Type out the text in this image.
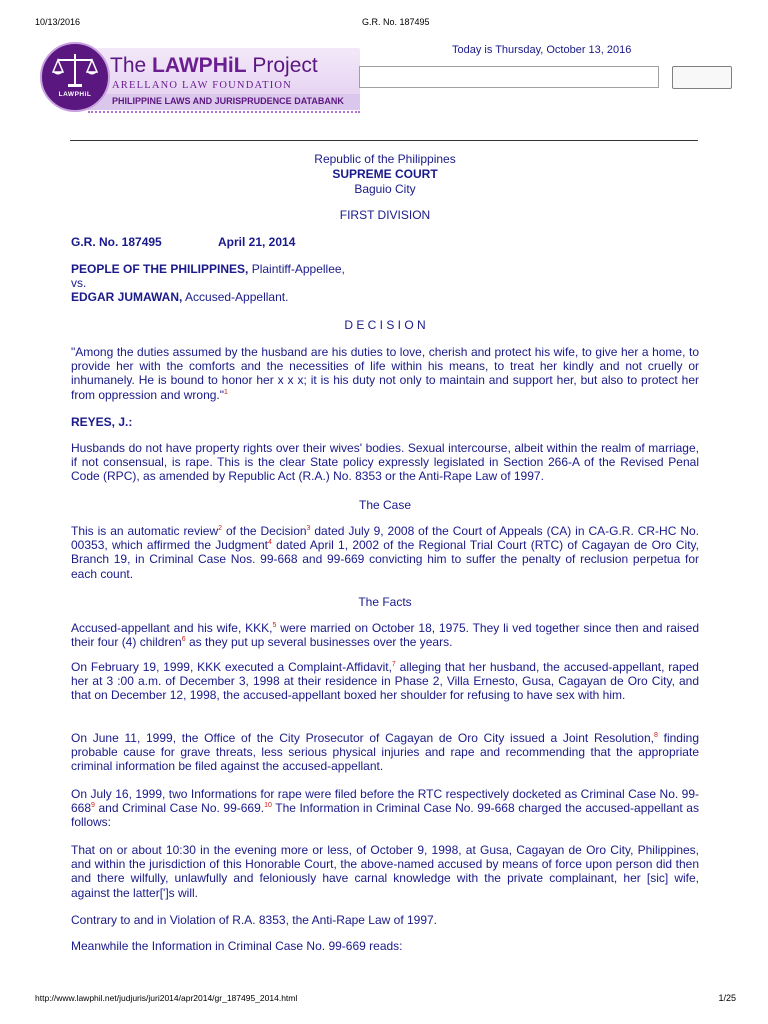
10/13/2016	G.R. No. 187495
PHILIPPINE LAWS AND JURISPRUDENCE DATABANK
LAWPHiL
The LAWPHiL Project
ARELLANO LAW FOUNDATION
Today is Thursday, October 13, 2016
Republic of the Philippines
SUPREME COURT
Baguio City
FIRST DIVISION
G.R. No. 187495	April 21, 2014
PEOPLE OF THE PHILIPPINES, Plaintiff-Appellee,
vs.
EDGAR JUMAWAN, Accused-Appellant.
D E C I S I O N

"Among the duties assumed by the husband are his duties to love, cherish and protect his wife, to give her a home, to provide her with the comforts and the necessities of life within his means, to treat her kindly and not cruelly or inhumanely. He is bound to honor her x x x; it is his duty not only to maintain and support her, but also to protect her from oppression and wrong."$^1$

REYES, J.:

Husbands do not have property rights over their wives' bodies. Sexual intercourse, albeit within the realm of marriage, if not consensual, is rape. This is the clear State policy expressly legislated in Section 266-A of the Revised Penal Code (RPC), as amended by Republic Act (R.A.) No. 8353 or the Anti-Rape Law of 1997.

The Case

This is an automatic review$^2$ of the Decision$^3$ dated July 9, 2008 of the Court of Appeals (CA) in CA-G.R. CR-HC No. 00353, which affirmed the Judgment$^4$ dated April 1, 2002 of the Regional Trial Court (RTC) of Cagayan de Oro City, Branch 19, in Criminal Case Nos. 99-668 and 99-669 convicting him to suffer the penalty of reclusion perpetua for each count.

The Facts

Accused-appellant and his wife, KKK,$^5$ were married on October 18, 1975. They li ved together since then and raised their four (4) children$^6$ as they put up several businesses over the years.

On February 19, 1999, KKK executed a Complaint-Affidavit,$^7$ alleging that her husband, the accused-appellant, raped her at 3 :00 a.m. of December 3, 1998 at their residence in Phase 2, Villa Ernesto, Gusa, Cagayan de Oro City, and that on December 12, 1998, the accused-appellant boxed her shoulder for refusing to have sex with him.

On June 11, 1999, the Office of the City Prosecutor of Cagayan de Oro City issued a Joint Resolution,$^8$ finding probable cause for grave threats, less serious physical injuries and rape and recommending that the appropriate criminal information be filed against the accused-appellant.

On July 16, 1999, two Informations for rape were filed before the RTC respectively docketed as Criminal Case No. $99-668^9$ and Criminal Case No. 99-669.10 The Information in Criminal Case No. 99-668 charged the accused-appellant as follows:

That on or about 10:30 in the evening more or less, of October 9, 1998, at Gusa, Cagayan de Oro City, Philippines, and within the jurisdiction of this Honorable Court, the above-named accused by means of force upon person did then and there wilfully, unlawfully and feloniously have carnal knowledge with the private complainant, her [sic] wife, against the latter[']s will.

Contrary to and in Violation of R.A. 8353, the Anti-Rape Law of 1997.

Meanwhile the Information in Criminal Case No. 99-669 reads:

http://www.lawphil.net/judjuris/juri2014/apr2014/gr_187495_2014.html	1/25
